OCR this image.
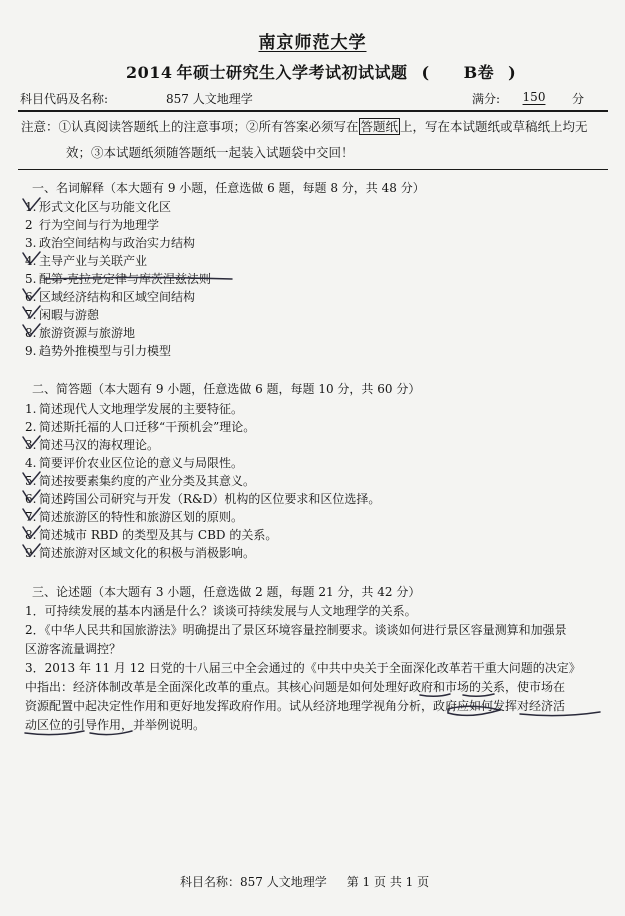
南京师范大学
2014 年硕士研究生入学考试初试试题 ( B卷 )
科目代码及名称:	857 人文地理学	满分: 150 分
注意：①认真阅读答题纸上的注意事项；②所有答案必须写在 答题纸 上，写在本试题纸或草稿纸上均无
效；③本试题纸须随答题纸一起装入试题袋中交回！
一、名词解释（本大题有 9 小题，任意选做 6 题，每题 8 分，共 48 分）
1. 形式文化区与功能文化区
2 行为空间与行为地理学
3. 政治空间结构与政治实力结构
4. 主导产业与关联产业
5. 配第-克拉克定律与库茨涅兹法则
6. 区域经济结构和区域空间结构
7. 闲暇与游憩
8. 旅游资源与旅游地
9. 趋势外推模型与引力模型
二、简答题（本大题有 9 小题，任意选做 6 题，每题 10 分，共 60 分）
1. 简述现代人文地理学发展的主要特征。
2. 简述斯托福的人口迁移“干预机会”理论。
3. 简述马汉的海权理论。
4. 简要评价农业区位论的意义与局限性。
5. 简述按要素集约度的产业分类及其意义。
6. 简述跨国公司研究与开发（R&D）机构的区位要求和区位选择。
7. 简述旅游区的特性和旅游区划的原则。
8. 简述城市 RBD 的类型及其与 CBD 的关系。
9. 简述旅游对区域文化的积极与消极影响。
三、论述题（本大题有 3 小题，任意选做 2 题，每题 21 分，共 42 分）
1．可持续发展的基本内涵是什么？谈谈可持续发展与人文地理学的关系。
2．《中华人民共和国旅游法》明确提出了景区环境容量控制要求。谈谈如何进行景区容量测算和加强景
区游客流量调控？
3．2013 年 11 月 12 日党的十八届三中全会通过的《中共中央关于全面深化改革若干重大问题的决定》
中指出：经济体制改革是全面深化改革的重点。其核心问题是如何处理好政府和市场的关系，使市场在
资源配置中起决定性作用和更好地发挥政府作用。试从经济地理学视角分析，政府应如何发挥对经济活
动区位的引导作用，并举例说明。
科目名称：857 人文地理学 第 1 页 共 1 页
